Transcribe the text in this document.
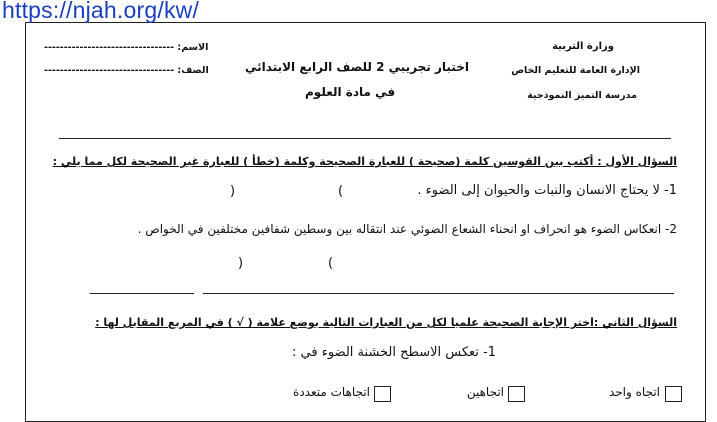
https://njah.org/kw/
وزارة التربية
الإدارة العامة للتعليم الخاص
مدرسة التميز النموذجية
اختبار تجريبي 2 للصف الرابع الابتدائي
في مادة العلوم
الاسم: ---------------------------------
الصف: ---------------------------------
السؤال الأول : أكتب بين القوسين كلمة (صحيحة ) للعبارة الصحيحة وكلمة (خطأ ) للعبارة غير الصحيحة لكل مما يلي :
1- لا يحتاج الانسان والنبات والحيوان إلى الضوء .
)	(
2- انعكاس الضوء هو انحراف او انحناء الشعاع الضوئي عند انتقاله بين وسطين شفافين مختلفين في الخواص .
)	(
السؤال الثاني :اختر الإجابة الصحيحة علميا لكل من العبارات التالية بوضع علامة ( √ ) في المربع المقابل لها :
1- تعكس الاسطح الخشنة الضوء في :
اتجاه واحد
اتجاهين
اتجاهات متعددة
